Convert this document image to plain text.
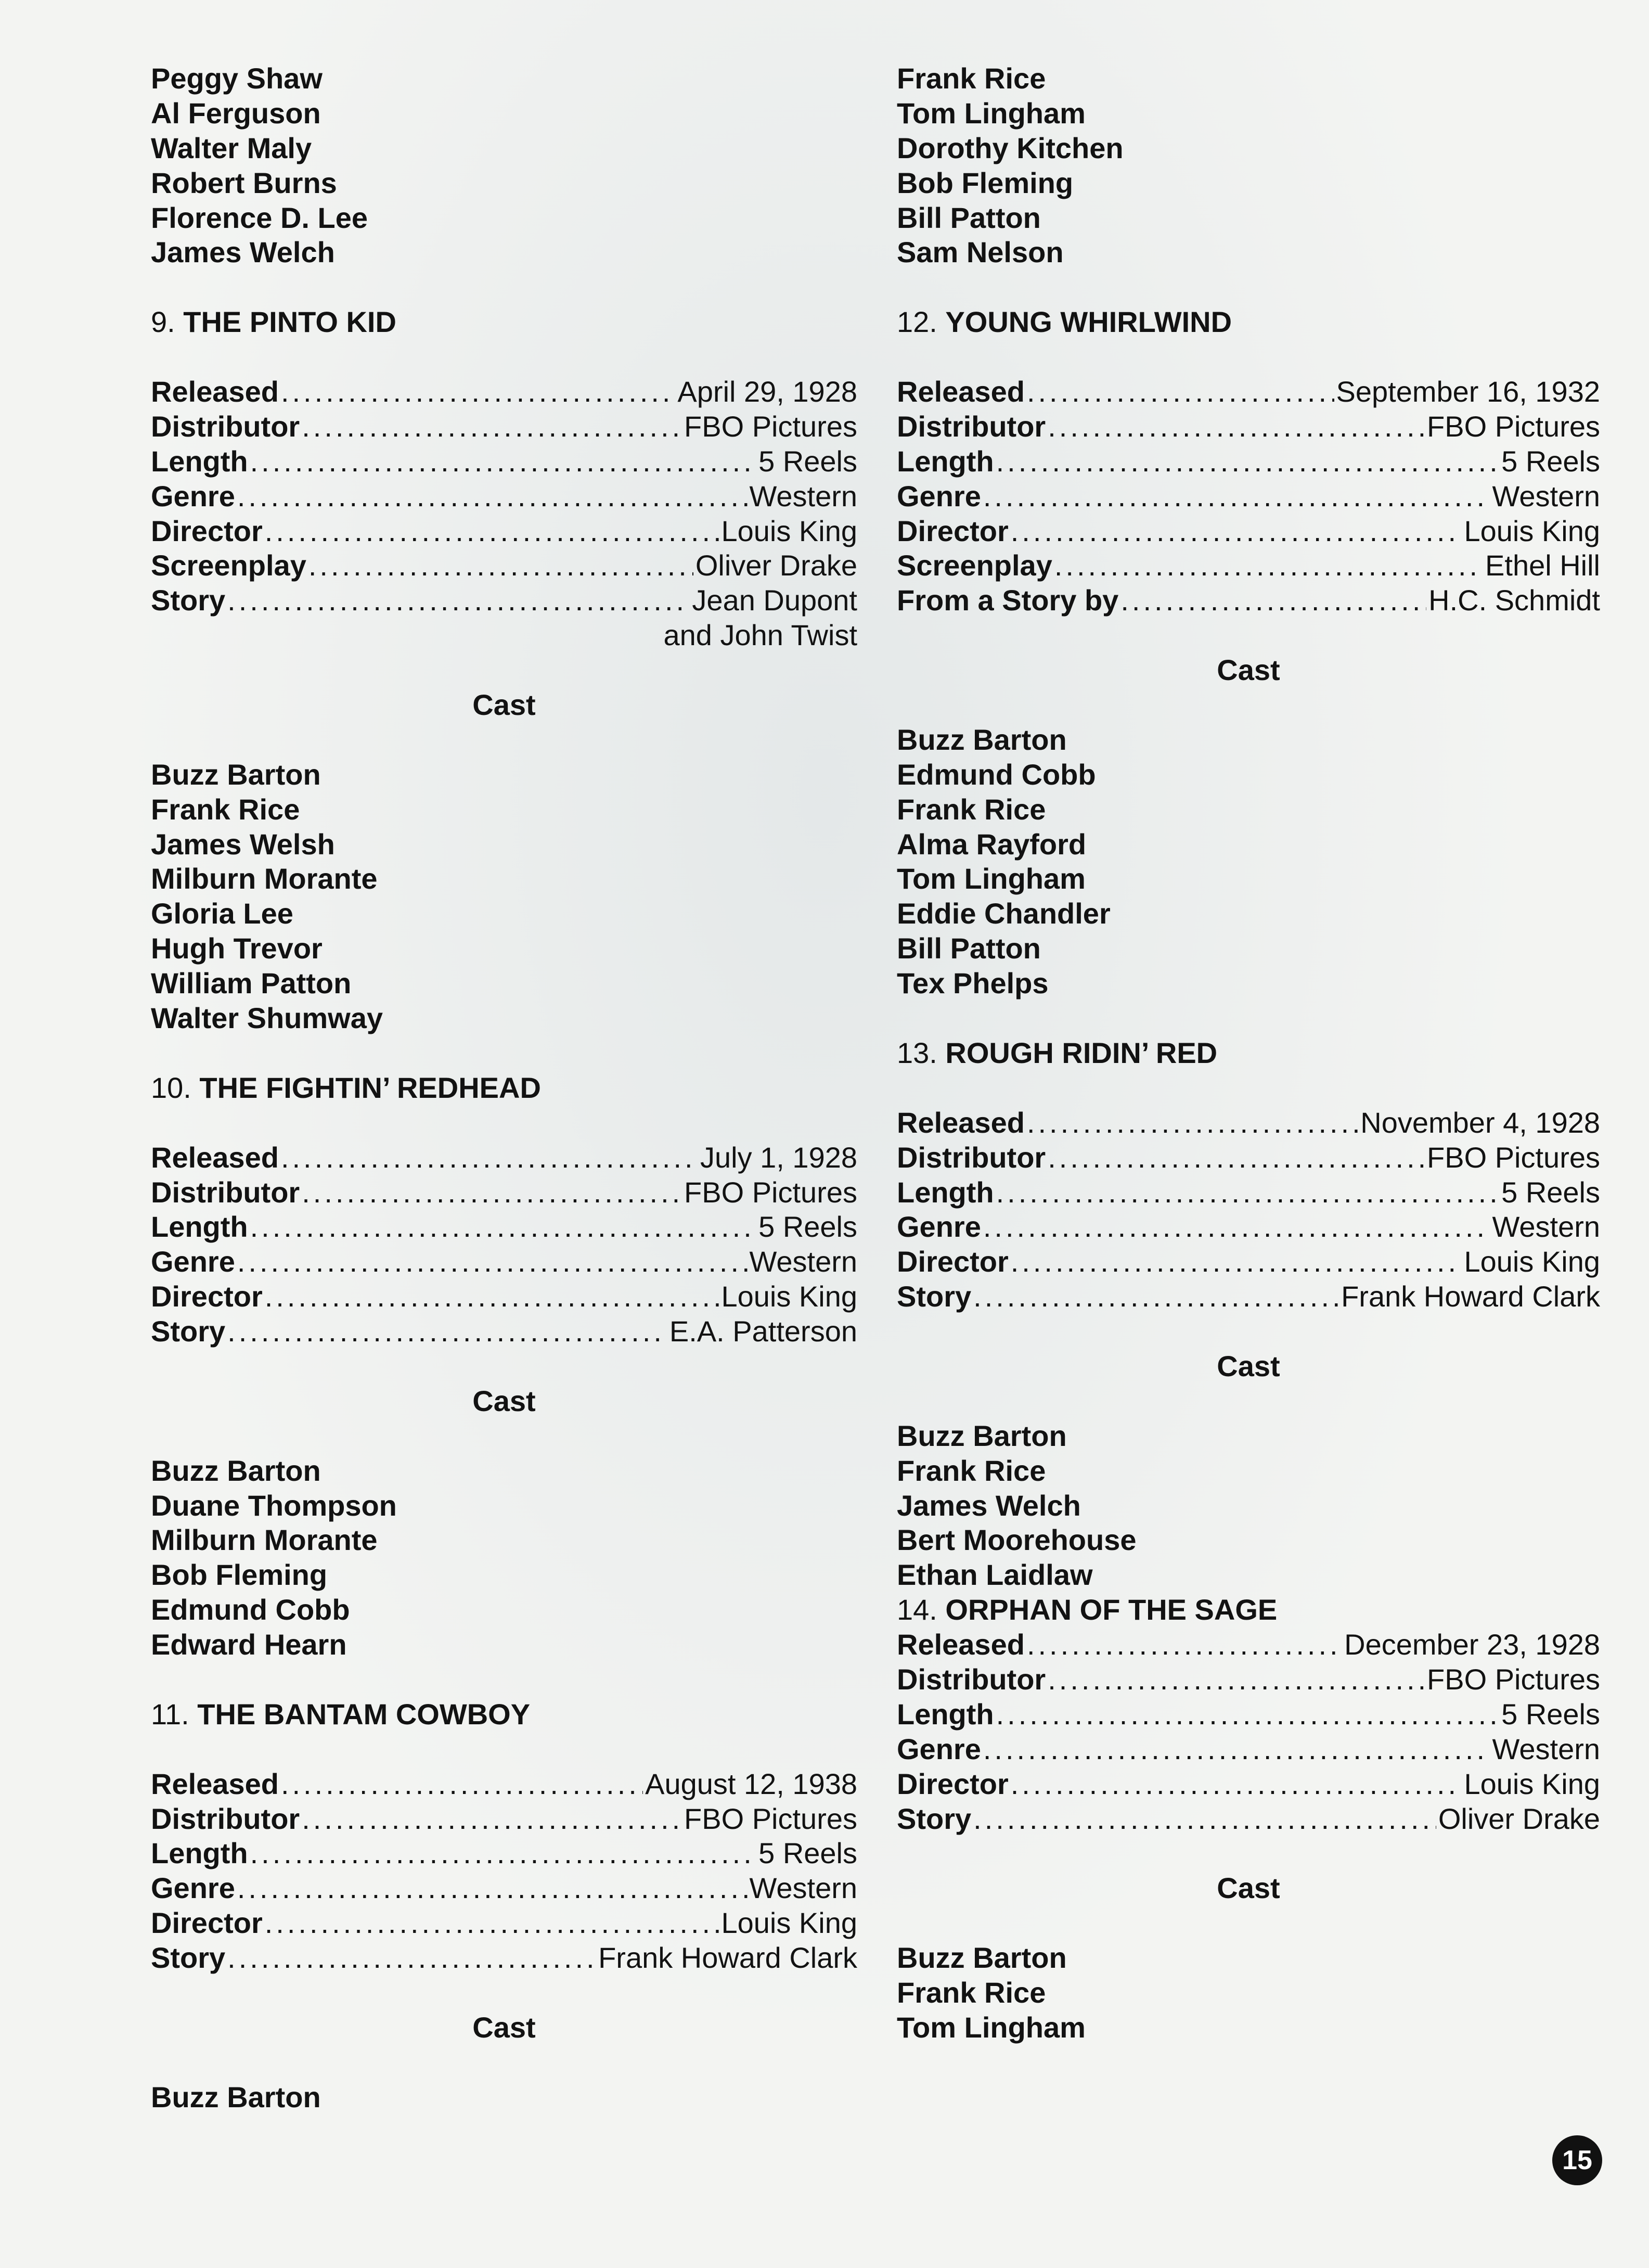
Peggy Shaw
Al Ferguson
Walter Maly
Robert Burns
Florence D. Lee
James Welch
9. THE PINTO KID
Released .....	April 29, 1928
Distributor .....	FBO Pictures
Length .....	5 Reels
Genre .....	Western
Director .....	Louis King
Screenplay .....	Oliver Drake
Story .....	Jean Dupont
and John Twist
Cast
Buzz Barton
Frank Rice
James Welsh
Milburn Morante
Gloria Lee
Hugh Trevor
William Patton
Walter Shumway
10. THE FIGHTIN’ REDHEAD
Released .....	July 1, 1928
Distributor .....	FBO Pictures
Length .....	5 Reels
Genre .....	Western
Director .....	Louis King
Story .....	E.A. Patterson
Cast
Buzz Barton
Duane Thompson
Milburn Morante
Bob Fleming
Edmund Cobb
Edward Hearn
11. THE BANTAM COWBOY
Released .....	August 12, 1938
Distributor .....	FBO Pictures
Length .....	5 Reels
Genre .....	Western
Director .....	Louis King
Story .....	Frank Howard Clark
Cast
Buzz Barton
Frank Rice
Tom Lingham
Dorothy Kitchen
Bob Fleming
Bill Patton
Sam Nelson
12. YOUNG WHIRLWIND
Released .....	September 16, 1932
Distributor .....	FBO Pictures
Length .....	5 Reels
Genre .....	Western
Director .....	Louis King
Screenplay .....	Ethel Hill
From a Story by .....	H.C. Schmidt
Cast
Buzz Barton
Edmund Cobb
Frank Rice
Alma Rayford
Tom Lingham
Eddie Chandler
Bill Patton
Tex Phelps
13. ROUGH RIDIN’ RED
Released .....	November 4, 1928
Distributor .....	FBO Pictures
Length .....	5 Reels
Genre .....	Western
Director .....	Louis King
Story .....	Frank Howard Clark
Cast
Buzz Barton
Frank Rice
James Welch
Bert Moorehouse
Ethan Laidlaw
14. ORPHAN OF THE SAGE
Released .....	December 23, 1928
Distributor .....	FBO Pictures
Length .....	5 Reels
Genre .....	Western
Director .....	Louis King
Story .....	Oliver Drake
Cast
Buzz Barton
Frank Rice
Tom Lingham
15
